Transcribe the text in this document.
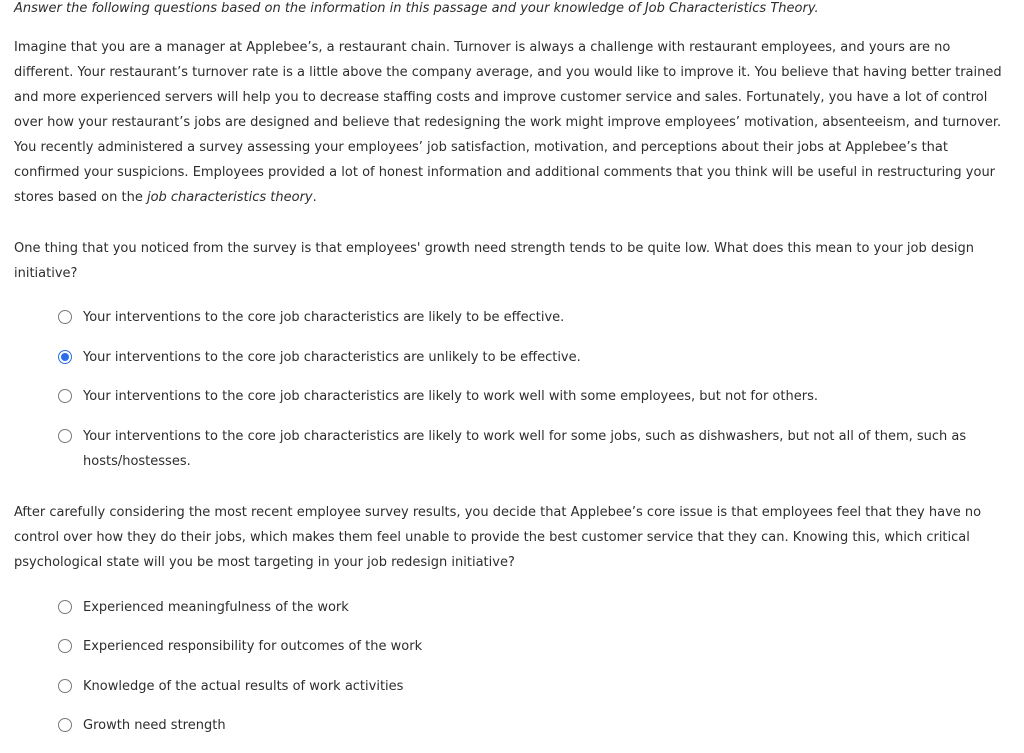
Answer the following questions based on the information in this passage and your knowledge of Job Characteristics Theory.

Imagine that you are a manager at Applebee’s, a restaurant chain. Turnover is always a challenge with restaurant employees, and yours are no different. Your restaurant’s turnover rate is a little above the company average, and you would like to improve it. You believe that having better trained and more experienced servers will help you to decrease staffing costs and improve customer service and sales. Fortunately, you have a lot of control over how your restaurant’s jobs are designed and believe that redesigning the work might improve employees’ motivation, absenteeism, and turnover. You recently administered a survey assessing your employees’ job satisfaction, motivation, and perceptions about their jobs at Applebee’s that confirmed your suspicions. Employees provided a lot of honest information and additional comments that you think will be useful in restructuring your stores based on the job characteristics theory.

One thing that you noticed from the survey is that employees' growth need strength tends to be quite low. What does this mean to your job design initiative?

Your interventions to the core job characteristics are likely to be effective.
Your interventions to the core job characteristics are unlikely to be effective.
Your interventions to the core job characteristics are likely to work well with some employees, but not for others.
Your interventions to the core job characteristics are likely to work well for some jobs, such as dishwashers, but not all of them, such as hosts/hostesses.

After carefully considering the most recent employee survey results, you decide that Applebee’s core issue is that employees feel that they have no control over how they do their jobs, which makes them feel unable to provide the best customer service that they can. Knowing this, which critical psychological state will you be most targeting in your job redesign initiative?

Experienced meaningfulness of the work
Experienced responsibility for outcomes of the work
Knowledge of the actual results of work activities
Growth need strength
